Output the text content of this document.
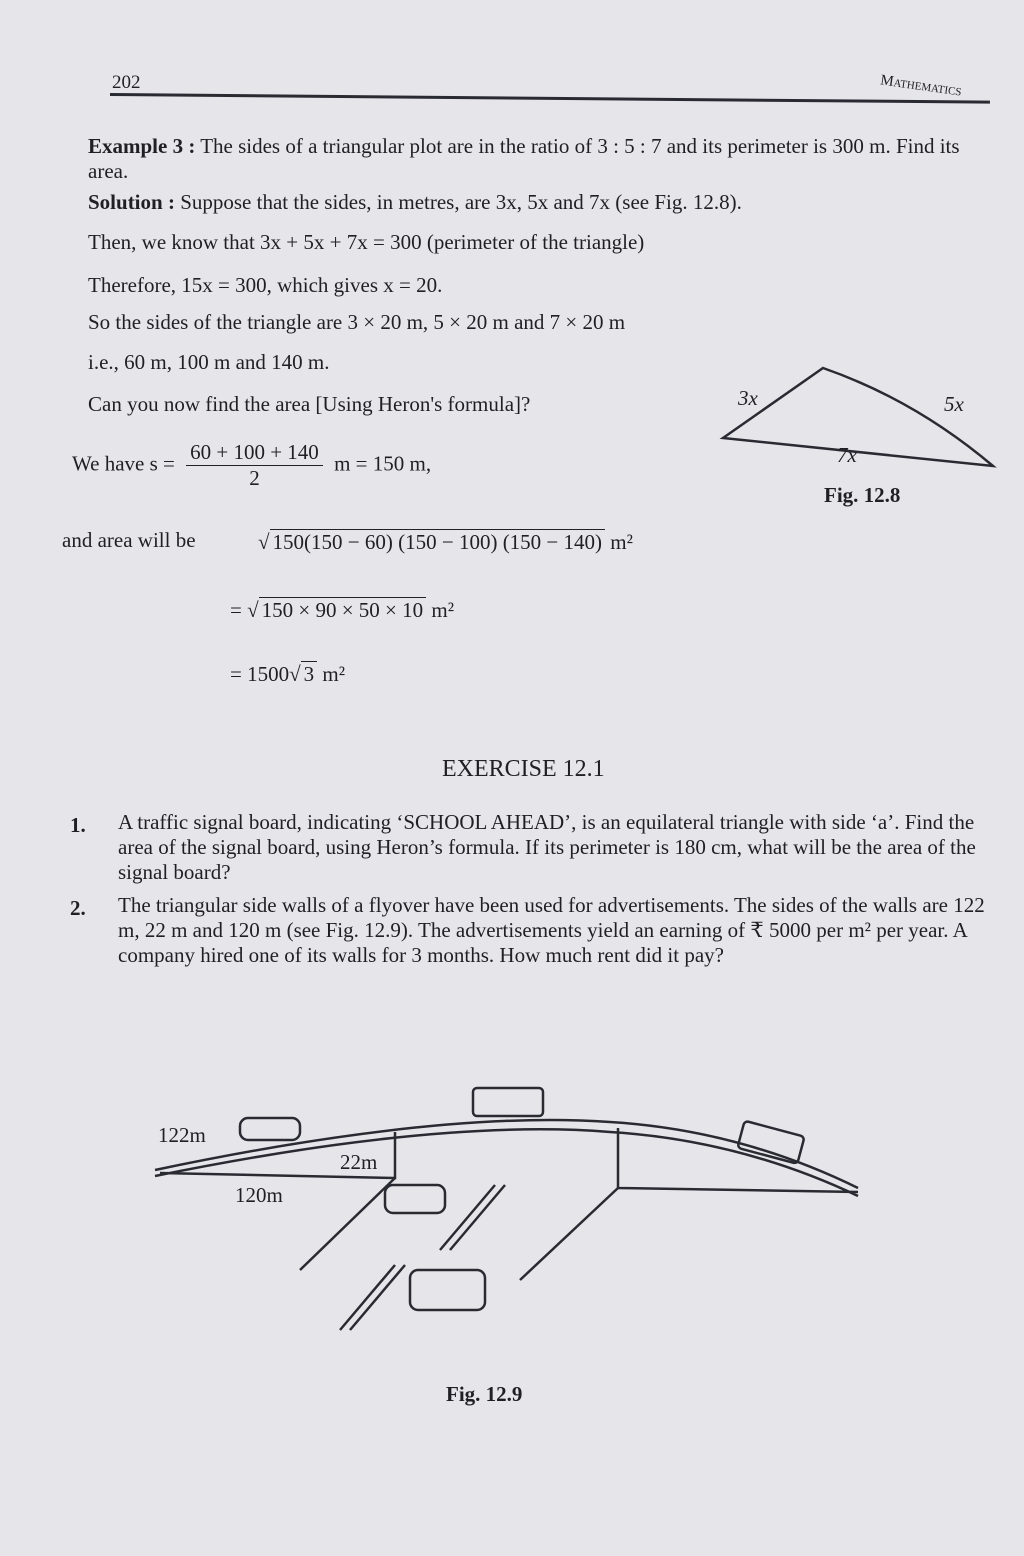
202	Mathematics
Example 3 : The sides of a triangular plot are in the ratio of 3 : 5 : 7 and its perimeter is 300 m. Find its area.
Solution : Suppose that the sides, in metres, are 3x, 5x and 7x (see Fig. 12.8).
Then, we know that 3x + 5x + 7x = 300 (perimeter of the triangle)
Therefore, 15x = 300, which gives x = 20.
So the sides of the triangle are 3 × 20 m, 5 × 20 m and 7 × 20 m
i.e., 60 m, 100 m and 140 m.
Can you now find the area [Using Heron's formula]?	3x	5x
7x
Fig. 12.8
We have $s = \frac{60 + 100 + 140}{2}$ m = 150 m,
and area will be	√ 150(150 − 60) (150 − 100) (150 − 140) m²
= √ 150 × 90 × 50 × 10 m²
= 1500√ 3 m²
EXERCISE 12.1
1. A traffic signal board, indicating ‘SCHOOL AHEAD’, is an equilateral triangle with side ‘a’. Find the area of the signal board, using Heron’s formula. If its perimeter is 180 cm, what will be the area of the signal board?
2. The triangular side walls of a flyover have been used for advertisements. The sides of the walls are 122 m, 22 m and 120 m (see Fig. 12.9). The advertisements yield an earning of ₹ 5000 per m² per year. A company hired one of its walls for 3 months. How much rent did it pay?
122m
22m
120m
Fig. 12.9
